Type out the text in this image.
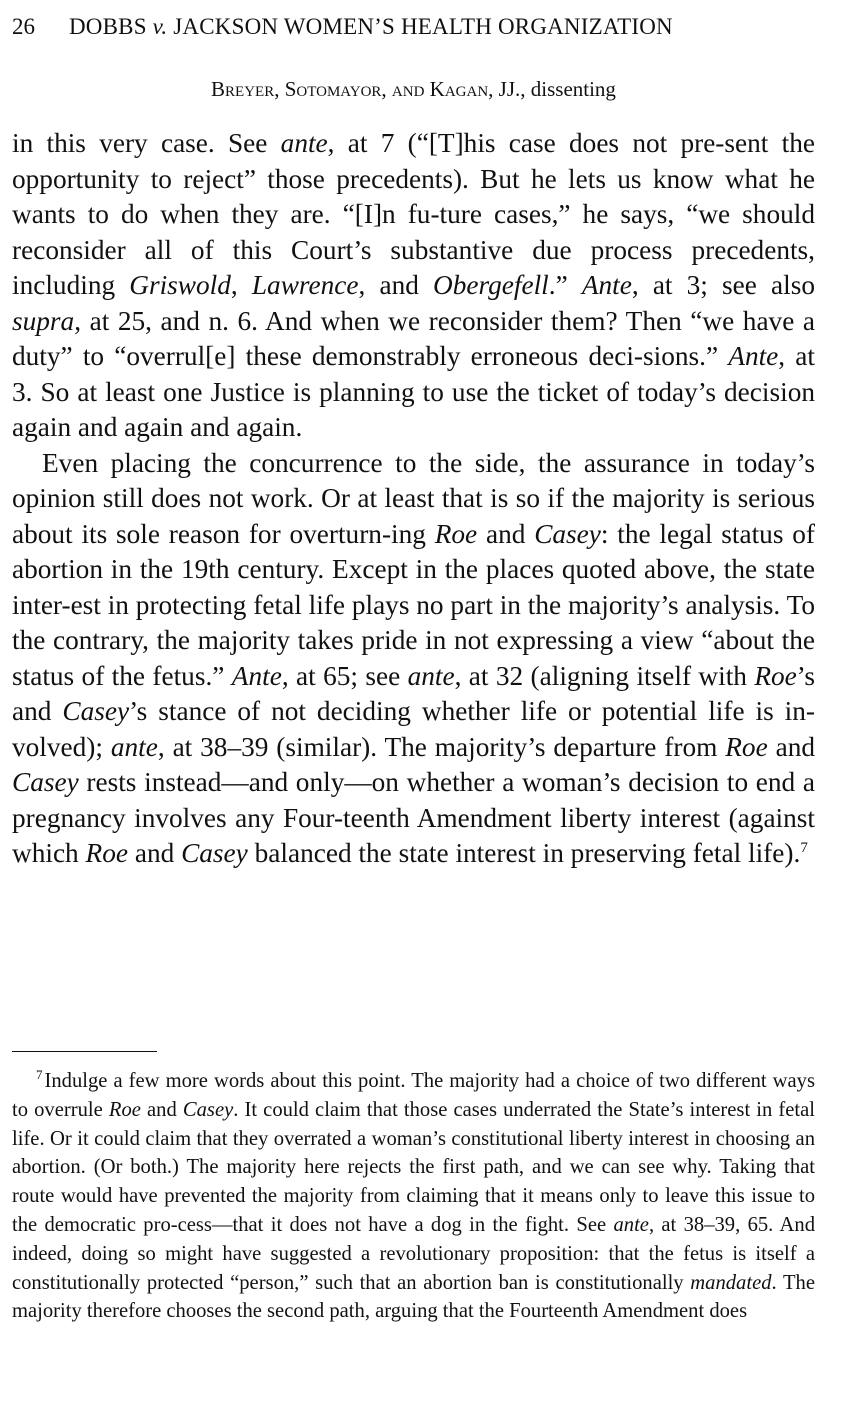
26 DOBBS v. JACKSON WOMEN’S HEALTH ORGANIZATION
Breyer, Sotomayor, and Kagan, JJ., dissenting

in this very case. See ante, at 7 (“[T]his case does not pre-sent the opportunity to reject” those precedents). But he lets us know what he wants to do when they are. “[I]n fu-ture cases,” he says, “we should reconsider all of this Court’s substantive due process precedents, including Griswold, Lawrence, and Obergefell.” Ante, at 3; see also supra, at 25, and n. 6. And when we reconsider them? Then “we have a duty” to “overrul[e] these demonstrably erroneous deci-sions.” Ante, at 3. So at least one Justice is planning to use the ticket of today’s decision again and again and again.

Even placing the concurrence to the side, the assurance in today’s opinion still does not work. Or at least that is so if the majority is serious about its sole reason for overturn-ing Roe and Casey: the legal status of abortion in the 19th century. Except in the places quoted above, the state inter-est in protecting fetal life plays no part in the majority’s analysis. To the contrary, the majority takes pride in not expressing a view “about the status of the fetus.” Ante, at 65; see ante, at 32 (aligning itself with Roe’s and Casey’s stance of not deciding whether life or potential life is in-volved); ante, at 38–39 (similar). The majority’s departure from Roe and Casey rests instead—and only—on whether a woman’s decision to end a pregnancy involves any Four-teenth Amendment liberty interest (against which Roe and Casey balanced the state interest in preserving fetal life).$^7$

$^7$Indulge a few more words about this point. The majority had a choice of two different ways to overrule Roe and Casey. It could claim that those cases underrated the State’s interest in fetal life. Or it could claim that they overrated a woman’s constitutional liberty interest in choosing an abortion. (Or both.) The majority here rejects the first path, and we can see why. Taking that route would have prevented the majority from claiming that it means only to leave this issue to the democratic pro-cess—that it does not have a dog in the fight. See ante, at 38–39, 65. And indeed, doing so might have suggested a revolutionary proposition: that the fetus is itself a constitutionally protected “person,” such that an abortion ban is constitutionally mandated. The majority therefore chooses the second path, arguing that the Fourteenth Amendment does
